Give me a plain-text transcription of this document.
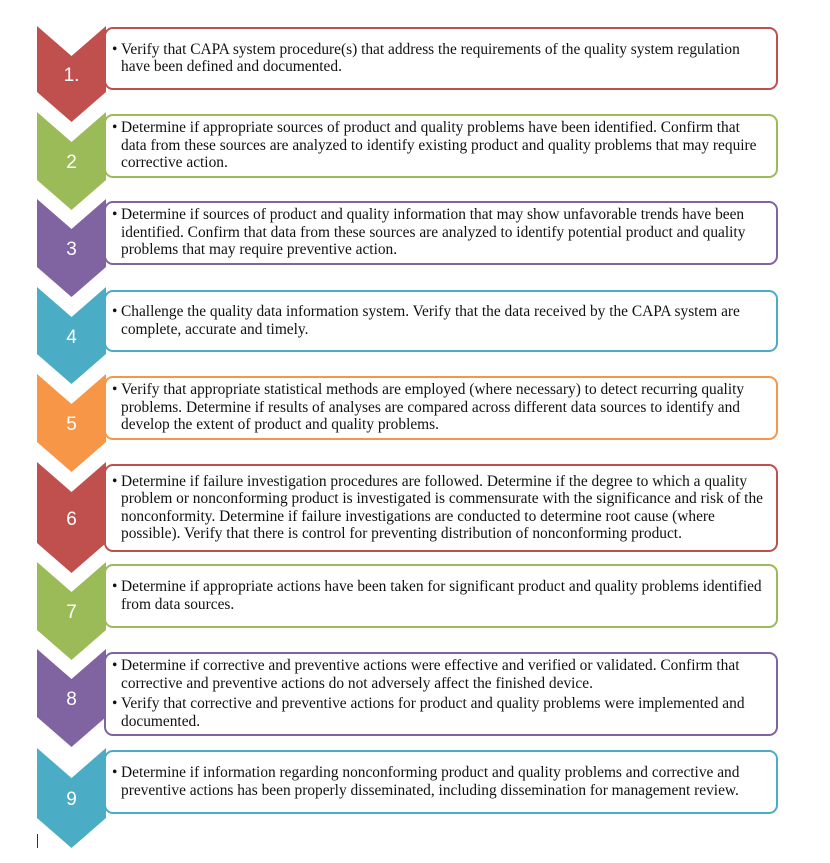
1.
• Verify that CAPA system procedure(s) that address the requirements of the quality system regulation have been defined and documented.
2
• Determine if appropriate sources of product and quality problems have been identified. Confirm that data from these sources are analyzed to identify existing product and quality problems that may require corrective action.
3
• Determine if sources of product and quality information that may show unfavorable trends have been identified. Confirm that data from these sources are analyzed to identify potential product and quality problems that may require preventive action.
4
• Challenge the quality data information system. Verify that the data received by the CAPA system are complete, accurate and timely.
5
• Verify that appropriate statistical methods are employed (where necessary) to detect recurring quality problems. Determine if results of analyses are compared across different data sources to identify and develop the extent of product and quality problems.
6
• Determine if failure investigation procedures are followed. Determine if the degree to which a quality problem or nonconforming product is investigated is commensurate with the significance and risk of the nonconformity. Determine if failure investigations are conducted to determine root cause (where possible). Verify that there is control for preventing distribution of nonconforming product.
7
• Determine if appropriate actions have been taken for significant product and quality problems identified from data sources.
8
• Determine if corrective and preventive actions were effective and verified or validated. Confirm that corrective and preventive actions do not adversely affect the finished device.
• Verify that corrective and preventive actions for product and quality problems were implemented and documented.
9
• Determine if information regarding nonconforming product and quality problems and corrective and preventive actions has been properly disseminated, including dissemination for management review.
